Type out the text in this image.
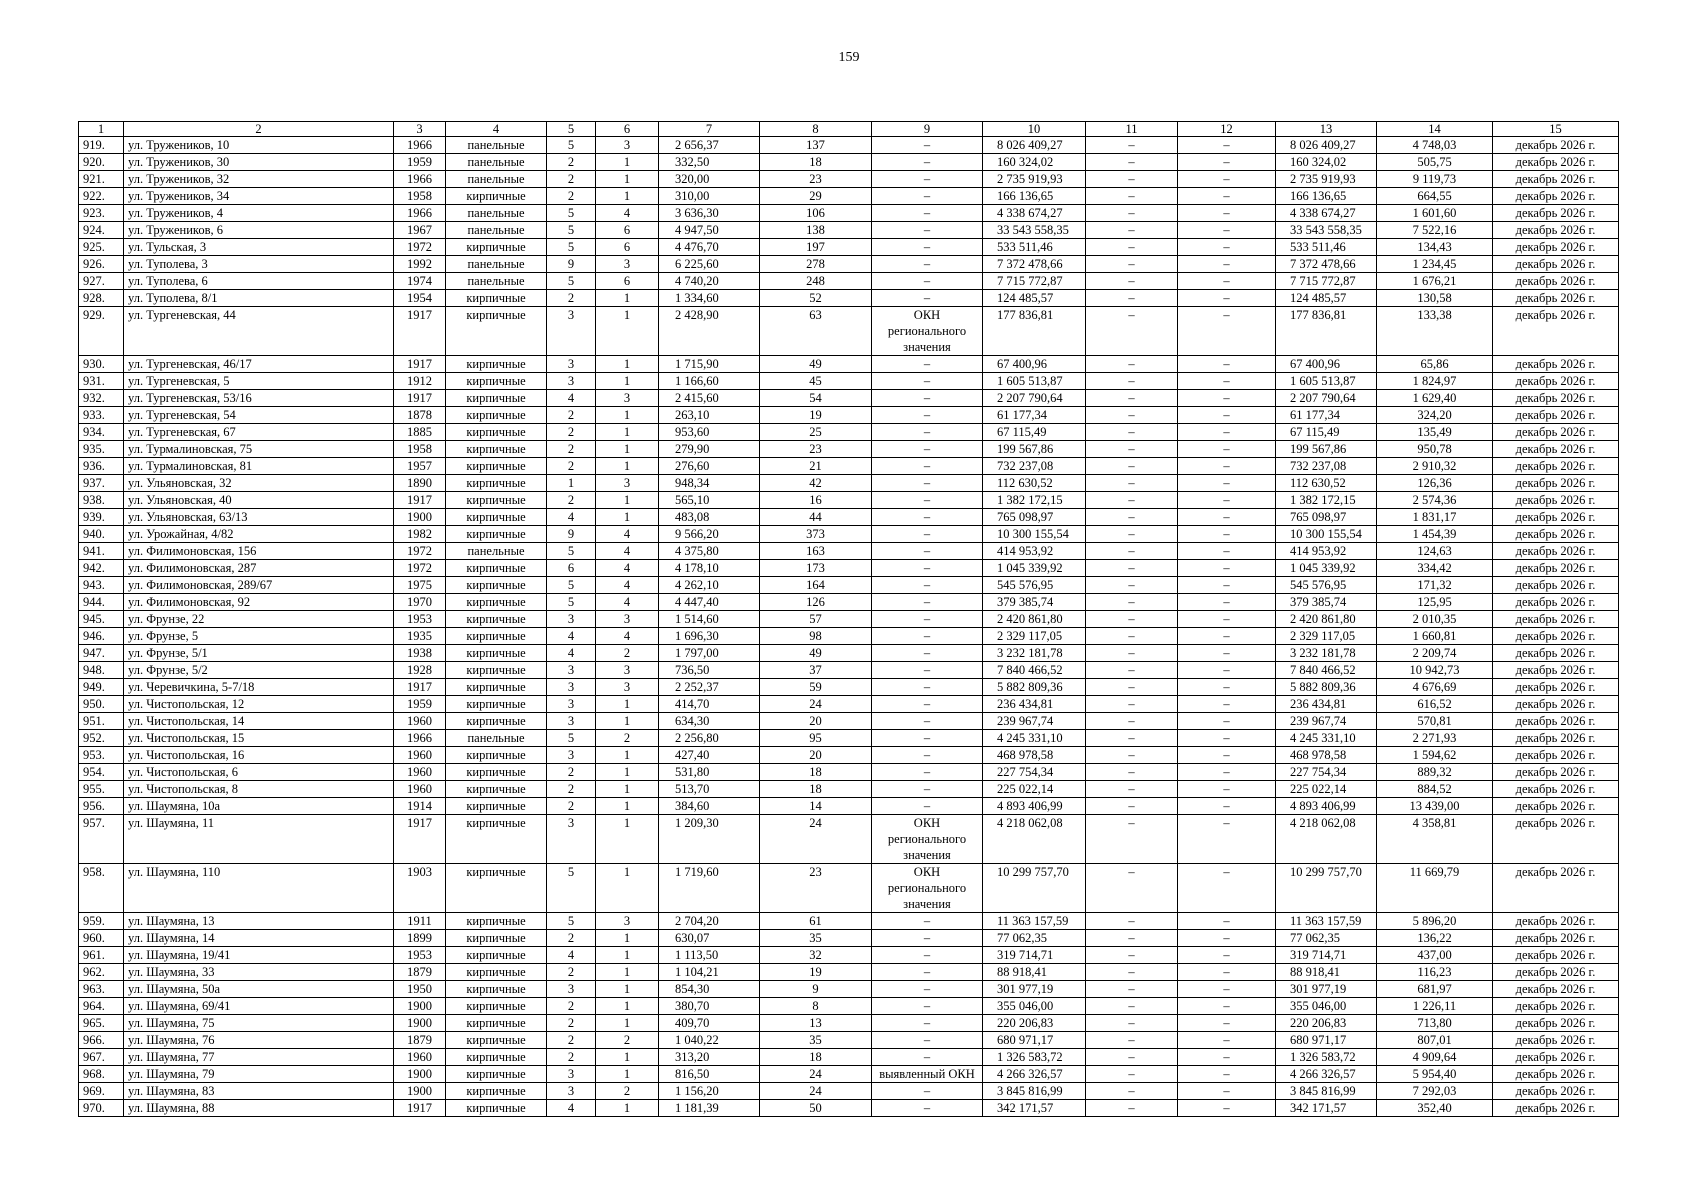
159
1	2	3	4	5	6	7	8	9	10	11	12	13	14	15
919.	ул. Тружеников, 10	1966	панельные	5	3	2 656,37	137	–	8 026 409,27	–	–	8 026 409,27	4 748,03	декабрь 2026 г.
920.	ул. Тружеников, 30	1959	панельные	2	1	332,50	18	–	160 324,02	–	–	160 324,02	505,75	декабрь 2026 г.
921.	ул. Тружеников, 32	1966	панельные	2	1	320,00	23	–	2 735 919,93	–	–	2 735 919,93	9 119,73	декабрь 2026 г.
922.	ул. Тружеников, 34	1958	кирпичные	2	1	310,00	29	–	166 136,65	–	–	166 136,65	664,55	декабрь 2026 г.
923.	ул. Тружеников, 4	1966	панельные	5	4	3 636,30	106	–	4 338 674,27	–	–	4 338 674,27	1 601,60	декабрь 2026 г.
924.	ул. Тружеников, 6	1967	панельные	5	6	4 947,50	138	–	33 543 558,35	–	–	33 543 558,35	7 522,16	декабрь 2026 г.
925.	ул. Тульская, 3	1972	кирпичные	5	6	4 476,70	197	–	533 511,46	–	–	533 511,46	134,43	декабрь 2026 г.
926.	ул. Туполева, 3	1992	панельные	9	3	6 225,60	278	–	7 372 478,66	–	–	7 372 478,66	1 234,45	декабрь 2026 г.
927.	ул. Туполева, 6	1974	панельные	5	6	4 740,20	248	–	7 715 772,87	–	–	7 715 772,87	1 676,21	декабрь 2026 г.
928.	ул. Туполева, 8/1	1954	кирпичные	2	1	1 334,60	52	–	124 485,57	–	–	124 485,57	130,58	декабрь 2026 г.
929.	ул. Тургеневская, 44	1917	кирпичные	3	1	2 428,90	63	ОКН регионального значения	177 836,81	–	–	177 836,81	133,38	декабрь 2026 г.
930.	ул. Тургеневская, 46/17	1917	кирпичные	3	1	1 715,90	49	–	67 400,96	–	–	67 400,96	65,86	декабрь 2026 г.
931.	ул. Тургеневская, 5	1912	кирпичные	3	1	1 166,60	45	–	1 605 513,87	–	–	1 605 513,87	1 824,97	декабрь 2026 г.
932.	ул. Тургеневская, 53/16	1917	кирпичные	4	3	2 415,60	54	–	2 207 790,64	–	–	2 207 790,64	1 629,40	декабрь 2026 г.
933.	ул. Тургеневская, 54	1878	кирпичные	2	1	263,10	19	–	61 177,34	–	–	61 177,34	324,20	декабрь 2026 г.
934.	ул. Тургеневская, 67	1885	кирпичные	2	1	953,60	25	–	67 115,49	–	–	67 115,49	135,49	декабрь 2026 г.
935.	ул. Турмалиновская, 75	1958	кирпичные	2	1	279,90	23	–	199 567,86	–	–	199 567,86	950,78	декабрь 2026 г.
936.	ул. Турмалиновская, 81	1957	кирпичные	2	1	276,60	21	–	732 237,08	–	–	732 237,08	2 910,32	декабрь 2026 г.
937.	ул. Ульяновская, 32	1890	кирпичные	1	3	948,34	42	–	112 630,52	–	–	112 630,52	126,36	декабрь 2026 г.
938.	ул. Ульяновская, 40	1917	кирпичные	2	1	565,10	16	–	1 382 172,15	–	–	1 382 172,15	2 574,36	декабрь 2026 г.
939.	ул. Ульяновская, 63/13	1900	кирпичные	4	1	483,08	44	–	765 098,97	–	–	765 098,97	1 831,17	декабрь 2026 г.
940.	ул. Урожайная, 4/82	1982	кирпичные	9	4	9 566,20	373	–	10 300 155,54	–	–	10 300 155,54	1 454,39	декабрь 2026 г.
941.	ул. Филимоновская, 156	1972	панельные	5	4	4 375,80	163	–	414 953,92	–	–	414 953,92	124,63	декабрь 2026 г.
942.	ул. Филимоновская, 287	1972	кирпичные	6	4	4 178,10	173	–	1 045 339,92	–	–	1 045 339,92	334,42	декабрь 2026 г.
943.	ул. Филимоновская, 289/67	1975	кирпичные	5	4	4 262,10	164	–	545 576,95	–	–	545 576,95	171,32	декабрь 2026 г.
944.	ул. Филимоновская, 92	1970	кирпичные	5	4	4 447,40	126	–	379 385,74	–	–	379 385,74	125,95	декабрь 2026 г.
945.	ул. Фрунзе, 22	1953	кирпичные	3	3	1 514,60	57	–	2 420 861,80	–	–	2 420 861,80	2 010,35	декабрь 2026 г.
946.	ул. Фрунзе, 5	1935	кирпичные	4	4	1 696,30	98	–	2 329 117,05	–	–	2 329 117,05	1 660,81	декабрь 2026 г.
947.	ул. Фрунзе, 5/1	1938	кирпичные	4	2	1 797,00	49	–	3 232 181,78	–	–	3 232 181,78	2 209,74	декабрь 2026 г.
948.	ул. Фрунзе, 5/2	1928	кирпичные	3	3	736,50	37	–	7 840 466,52	–	–	7 840 466,52	10 942,73	декабрь 2026 г.
949.	ул. Черевичкина, 5-7/18	1917	кирпичные	3	3	2 252,37	59	–	5 882 809,36	–	–	5 882 809,36	4 676,69	декабрь 2026 г.
950.	ул. Чистопольская, 12	1959	кирпичные	3	1	414,70	24	–	236 434,81	–	–	236 434,81	616,52	декабрь 2026 г.
951.	ул. Чистопольская, 14	1960	кирпичные	3	1	634,30	20	–	239 967,74	–	–	239 967,74	570,81	декабрь 2026 г.
952.	ул. Чистопольская, 15	1966	панельные	5	2	2 256,80	95	–	4 245 331,10	–	–	4 245 331,10	2 271,93	декабрь 2026 г.
953.	ул. Чистопольская, 16	1960	кирпичные	3	1	427,40	20	–	468 978,58	–	–	468 978,58	1 594,62	декабрь 2026 г.
954.	ул. Чистопольская, 6	1960	кирпичные	2	1	531,80	18	–	227 754,34	–	–	227 754,34	889,32	декабрь 2026 г.
955.	ул. Чистопольская, 8	1960	кирпичные	2	1	513,70	18	–	225 022,14	–	–	225 022,14	884,52	декабрь 2026 г.
956.	ул. Шаумяна, 10а	1914	кирпичные	2	1	384,60	14	–	4 893 406,99	–	–	4 893 406,99	13 439,00	декабрь 2026 г.
957.	ул. Шаумяна, 11	1917	кирпичные	3	1	1 209,30	24	ОКН регионального значения	4 218 062,08	–	–	4 218 062,08	4 358,81	декабрь 2026 г.
958.	ул. Шаумяна, 110	1903	кирпичные	5	1	1 719,60	23	ОКН регионального значения	10 299 757,70	–	–	10 299 757,70	11 669,79	декабрь 2026 г.
959.	ул. Шаумяна, 13	1911	кирпичные	5	3	2 704,20	61	–	11 363 157,59	–	–	11 363 157,59	5 896,20	декабрь 2026 г.
960.	ул. Шаумяна, 14	1899	кирпичные	2	1	630,07	35	–	77 062,35	–	–	77 062,35	136,22	декабрь 2026 г.
961.	ул. Шаумяна, 19/41	1953	кирпичные	4	1	1 113,50	32	–	319 714,71	–	–	319 714,71	437,00	декабрь 2026 г.
962.	ул. Шаумяна, 33	1879	кирпичные	2	1	1 104,21	19	–	88 918,41	–	–	88 918,41	116,23	декабрь 2026 г.
963.	ул. Шаумяна, 50а	1950	кирпичные	3	1	854,30	9	–	301 977,19	–	–	301 977,19	681,97	декабрь 2026 г.
964.	ул. Шаумяна, 69/41	1900	кирпичные	2	1	380,70	8	–	355 046,00	–	–	355 046,00	1 226,11	декабрь 2026 г.
965.	ул. Шаумяна, 75	1900	кирпичные	2	1	409,70	13	–	220 206,83	–	–	220 206,83	713,80	декабрь 2026 г.
966.	ул. Шаумяна, 76	1879	кирпичные	2	2	1 040,22	35	–	680 971,17	–	–	680 971,17	807,01	декабрь 2026 г.
967.	ул. Шаумяна, 77	1960	кирпичные	2	1	313,20	18	–	1 326 583,72	–	–	1 326 583,72	4 909,64	декабрь 2026 г.
968.	ул. Шаумяна, 79	1900	кирпичные	3	1	816,50	24	выявленный ОКН	4 266 326,57	–	–	4 266 326,57	5 954,40	декабрь 2026 г.
969.	ул. Шаумяна, 83	1900	кирпичные	3	2	1 156,20	24	–	3 845 816,99	–	–	3 845 816,99	7 292,03	декабрь 2026 г.
970.	ул. Шаумяна, 88	1917	кирпичные	4	1	1 181,39	50	–	342 171,57	–	–	342 171,57	352,40	декабрь 2026 г.
